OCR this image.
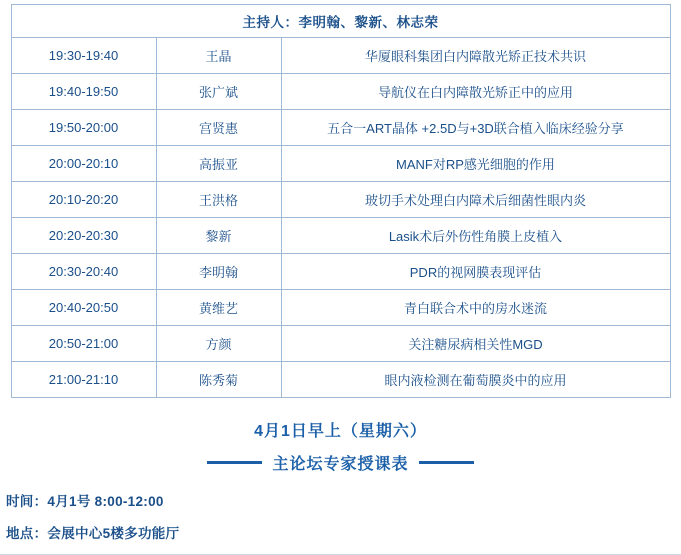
主持人：李明翰、黎新、林志荣		
19:30-19:40	王晶	华厦眼科集团白内障散光矫正技术共识
19:40-19:50	张广斌	导航仪在白内障散光矫正中的应用
19:50-20:00	宫贤惠	五合一ART晶体 +2.5D与+3D联合植入临床经验分享
20:00-20:10	高振亚	MANF对RP感光细胞的作用
20:10-20:20	王洪格	玻切手术处理白内障术后细菌性眼内炎
20:20-20:30	黎新	Lasik术后外伤性角膜上皮植入
20:30-20:40	李明翰	PDR的视网膜表现评估
20:40-20:50	黄维艺	青白联合术中的房水迷流
20:50-21:00	方颜	关注糖尿病相关性MGD
21:00-21:10	陈秀菊	眼内液检测在葡萄膜炎中的应用
4月1日早上（星期六）
主论坛专家授课表
时间：4月1号 8:00-12:00
地点：会展中心5楼多功能厅
